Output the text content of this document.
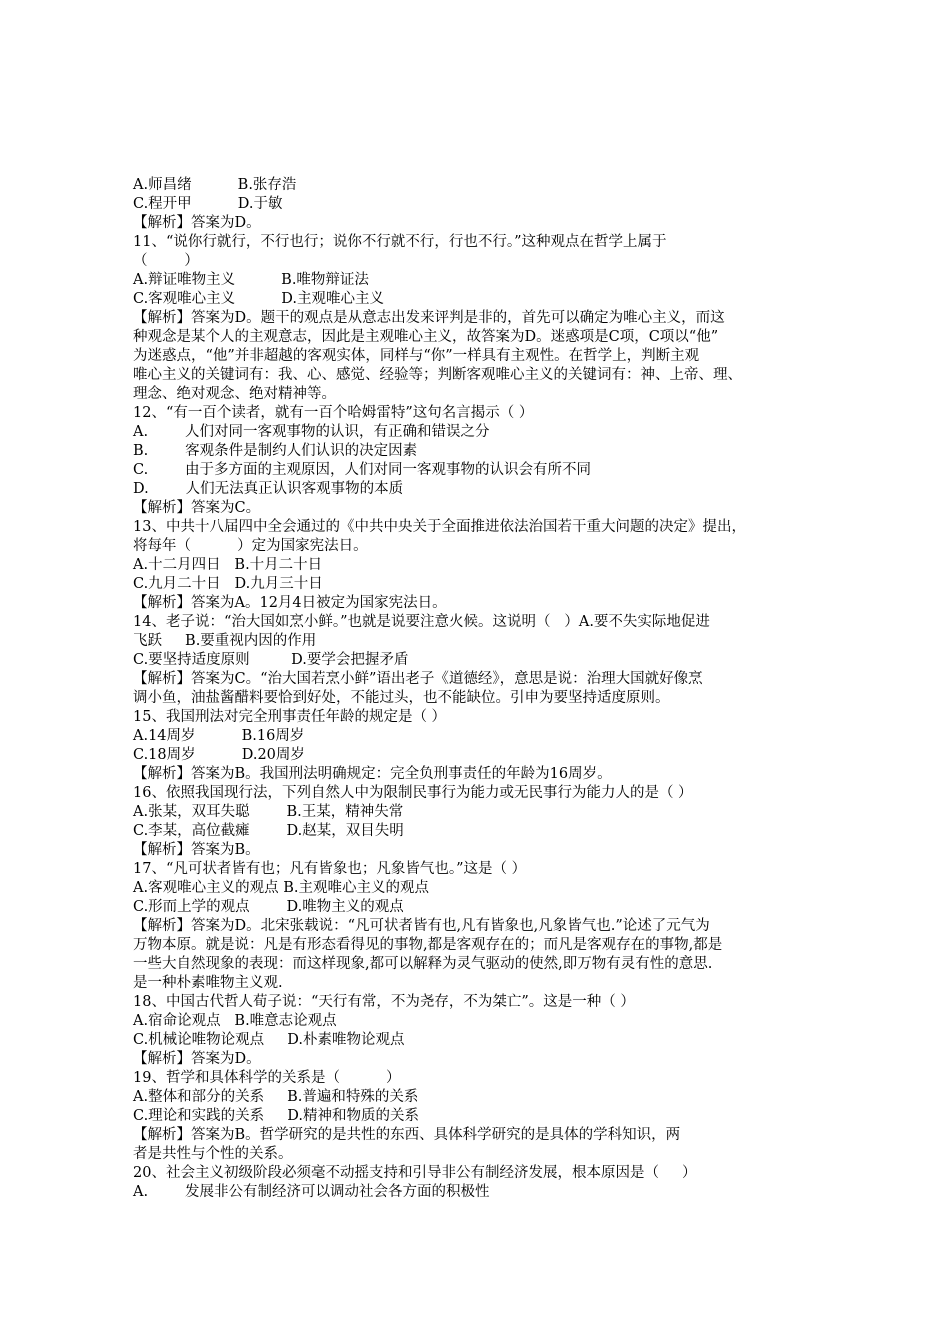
A.师昌绪          B.张存浩
C.程开甲          D.于敏
【解析】答案为D。
11、“说你行就行，不行也行；说你不行就不行，行也不行。”这种观点在哲学上属于
（        ）
A.辩证唯物主义          B.唯物辩证法
C.客观唯心主义          D.主观唯心主义
【解析】答案为D。题干的观点是从意志出发来评判是非的，首先可以确定为唯心主义，而这
种观念是某个人的主观意志，因此是主观唯心主义，故答案为D。迷惑项是C项，C项以“他”
为迷惑点，“他”并非超越的客观实体，同样与“你”一样具有主观性。在哲学上，判断主观
唯心主义的关键词有：我、心、感觉、经验等；判断客观唯心主义的关键词有：神、上帝、理、
理念、绝对观念、绝对精神等。
12、“有一百个读者，就有一百个哈姆雷特”这句名言揭示（ ）
A.        人们对同一客观事物的认识，有正确和错误之分
B.        客观条件是制约人们认识的决定因素
C.        由于多方面的主观原因，人们对同一客观事物的认识会有所不同
D.        人们无法真正认识客观事物的本质
【解析】答案为C。
13、中共十八届四中全会通过的《中共中央关于全面推进依法治国若干重大问题的决定》提出，
将每年（          ）定为国家宪法日。
A.十二月四日   B.十月二十日
C.九月二十日   D.九月三十日
【解析】答案为A。12月4日被定为国家宪法日。
14、老子说：“治大国如烹小鲜。”也就是说要注意火候。这说明（   ）A.要不失实际地促进
飞跃     B.要重视内因的作用
C.要坚持适度原则         D.要学会把握矛盾
【解析】答案为C。“治大国若烹小鲜”语出老子《道德经》，意思是说：治理大国就好像烹
调小鱼，油盐酱醋料要恰到好处，不能过头，也不能缺位。引申为要坚持适度原则。
15、我国刑法对完全刑事责任年龄的规定是（ ）
A.14周岁          B.16周岁
C.18周岁          D.20周岁
【解析】答案为B。我国刑法明确规定：完全负刑事责任的年龄为16周岁。
16、依照我国现行法，下列自然人中为限制民事行为能力或无民事行为能力人的是（ ）
A.张某，双耳失聪        B.王某，精神失常
C.李某，高位截瘫        D.赵某，双目失明
【解析】答案为B。
17、“凡可状者皆有也；凡有皆象也；凡象皆气也。”这是（ ）
A.客观唯心主义的观点 B.主观唯心主义的观点
C.形而上学的观点        D.唯物主义的观点
【解析】答案为D。北宋张载说：“凡可状者皆有也,凡有皆象也,凡象皆气也.”论述了元气为
万物本原。就是说：凡是有形态看得见的事物,都是客观存在的；而凡是客观存在的事物,都是
一些大自然现象的表现：而这样现象,都可以解释为灵气驱动的使然,即万物有灵有性的意思.
是一种朴素唯物主义观.
18、中国古代哲人荀子说：“天行有常，不为尧存，不为桀亡”。这是一种（ ）
A.宿命论观点   B.唯意志论观点
C.机械论唯物论观点     D.朴素唯物论观点
【解析】答案为D。
19、哲学和具体科学的关系是（          ）
A.整体和部分的关系     B.普遍和特殊的关系
C.理论和实践的关系     D.精神和物质的关系
【解析】答案为B。哲学研究的是共性的东西、具体科学研究的是具体的学科知识，两
者是共性与个性的关系。
20、社会主义初级阶段必须毫不动摇支持和引导非公有制经济发展，根本原因是（     ）
A.        发展非公有制经济可以调动社会各方面的积极性
